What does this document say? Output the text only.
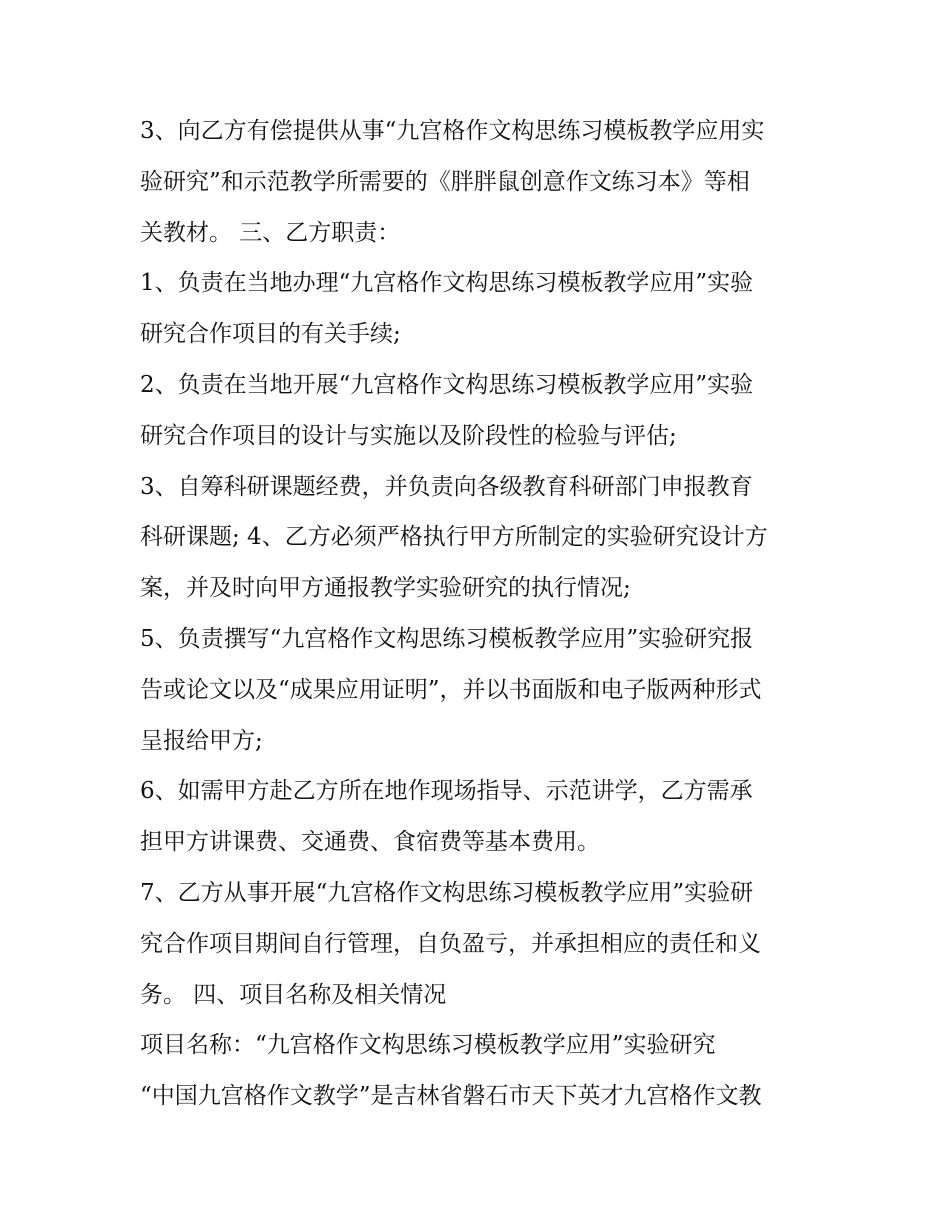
3、向乙方有偿提供从事“九宫格作文构思练习模板教学应用实
验研究”和示范教学所需要的《胖胖鼠创意作文练习本》等相
关教材。 三、乙方职责：
1、负责在当地办理“九宫格作文构思练习模板教学应用”实验
研究合作项目的有关手续;
2、负责在当地开展“九宫格作文构思练习模板教学应用”实验
研究合作项目的设计与实施以及阶段性的检验与评估;
3、自筹科研课题经费，并负责向各级教育科研部门申报教育
科研课题; 4、乙方必须严格执行甲方所制定的实验研究设计方
案，并及时向甲方通报教学实验研究的执行情况;
5、负责撰写“九宫格作文构思练习模板教学应用”实验研究报
告或论文以及“成果应用证明”，并以书面版和电子版两种形式
呈报给甲方;
6、如需甲方赴乙方所在地作现场指导、示范讲学，乙方需承
担甲方讲课费、交通费、食宿费等基本费用。
7、乙方从事开展“九宫格作文构思练习模板教学应用”实验研
究合作项目期间自行管理，自负盈亏，并承担相应的责任和义
务。 四、项目名称及相关情况
项目名称：“九宫格作文构思练习模板教学应用”实验研究
“中国九宫格作文教学”是吉林省磐石市天下英才九宫格作文教
